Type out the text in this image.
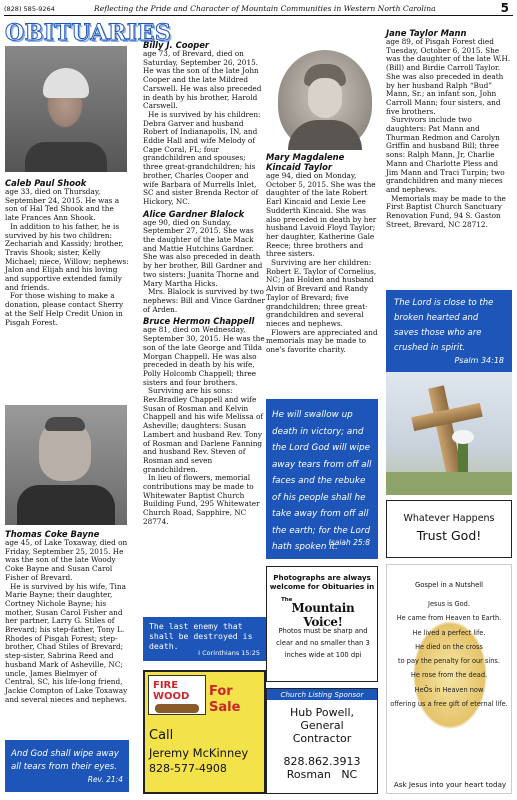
(828) 585-9264	Reflecting the Pride and Character of Mountain Communities in Western North Carolina	5
OBITUARIES
Caleb Paul Shook

age 33, died on Thursday, September 24, 2015. He was a son of Hal Ted Shook and the late Frances Ann Shook.

In addition to his father, he is survived by his two children: Zechariah and Kassidy; brother, Travis Shook; sister, Kelly Michael; niece, Willow; nephews: Jalon and Elijah and his loving and supportive extended family and friends.

For those wishing to make a donation, please contact Sherry at the Self Help Credit Union in Pisgah Forest.

Thomas Coke Bayne

age 45, of Lake Toxaway, died on Friday, September 25, 2015. He was the son of the late Woody Coke Bayne and Susan Carol Fisher of Brevard.

He is survived by his wife, Tina Marie Bayne; their daughter, Cortney Nichole Bayne; his mother, Susan Carol Fisher and her partner, Larry G. Stiles of Brevard; his step-father, Tony L. Rhodes of Pisgah Forest; step-brother, Chad Stiles of Brevard; step-sister, Sabrina Reed and husband Mark of Asheville, NC; uncle, James Bielmyer of Central, SC, his life-long friend, Jackie Compton of Lake Toxaway and several nieces and nephews.

And God shall wipe away all tears from their eyes.
Rev. 21:4
Billy J. Cooper

age 73, of Brevard, died on Saturday, September 26, 2015. He was the son of the late John Cooper and the late Mildred Carswell. He was also preceded in death by his brother, Harold Carswell.

He is survived by his children: Debra Garver and husband Robert of Indianapolis, IN, and Eddie Hall and wife Melody of Cape Coral, FL; four grandchildren and spouses; three great-grandchildren; his brother, Charles Cooper and wife Barbara of Murrells Inlet, SC and sister Brenda Rector of Hickory, NC.

Alice Gardner Blalock

age 90, died on Sunday, September 27, 2015. She was the daughter of the late Mack and Mattie Hutchins Gardner. She was also preceded in death by her brother, Bill Gardner and two sisters: Juanita Thorne and Mary Martha Hicks.

Mrs. Blalock is survived by two nephews: Bill and Vince Gardner of Arden.

Bruce Hermon Chappell

age 81, died on Wednesday, September 30, 2015. He was the son of the late George and Tilda Morgan Chappell. He was also preceded in death by his wife, Polly Holcomb Chappell; three sisters and four brothers.

Surviving are his sons: Rev.Bradley Chappell and wife Susan of Rosman and Kelvin Chappell and his wife Melissa of Asheville; daughters: Susan Lambert and husband Rev. Tony of Rosman and Darlene Fanning and husband Rev. Steven of Rosman and seven grandchildren.

In lieu of flowers, memorial contributions may be made to Whitewater Baptist Church Building Fund, 295 Whitewater Church Road, Sapphire, NC 28774.

The last enemy that shall be destroyed is death.
I Corinthians 15:25
FIRE WOOD	For Sale
Call
Jeremy McKinney
828-577-4908
Mary Magdalene Kincaid Taylor

age 94, died on Monday, October 5, 2015. She was the daughter of the late Robert Earl Kincaid and Lexie Lee Sudderth Kincaid. She was also preceded in death by her husband Lavoid Floyd Taylor; her daughter, Katherine Gale Reece; three brothers and three sisters.

Surviving are her children: Robert E. Taylor of Cornelius, NC; Jan Holden and husband Alvin of Brevard and Randy Taylor of Brevard; five grandchildren; three great-grandchildren and several nieces and nephews.

Flowers are appreciated and memorials may be made to one's favorite charity.

He will swallow up death in victory; and the Lord God will wipe away tears from off all faces and the rebuke of his people shall he take away from off all the earth; for the Lord hath spoken it.
Isaiah 25:8
Photographs are always
welcome for Obituaries in
The
Mountain Voice!
Photos must be sharp and clear and no smaller than 3 inches wide at 100 dpi
Church Listing Sponsor
Hub Powell,
General
Contractor
828.862.3913
Rosman NC
Jane Taylor Mann

age 89, of Pisgah Forest died Tuesday, October 6, 2015. She was the daughter of the late W.H. (Bill) and Birdie Carroll Taylor. She was also preceded in death by her husband Ralph “Bud” Mann, Sr.; an infant son, John Carroll Mann; four sisters, and five brothers.

Survivors include two daughters: Pat Mann and Thurman Redmon and Carolyn Griffin and husband Bill; three sons: Ralph Mann, Jr, Charlie Mann and Charlotte Pless and Jim Mann and Traci Turpin; two grandchildren and many nieces and nephews.

Memorials may be made to the First Baptist Church Sanctuary Renovation Fund, 94 S. Gaston Street, Brevard, NC 28712.

The Lord is close to the broken hearted and saves those who are crushed in spirit.
Psalm 34:18
Whatever Happens
Trust God!
Gospel in a Nutshell
Jesus is God.
He came from Heaven to Earth.
He lived a perfect life.
He died on the cross
to pay the penalty for our sins.
He rose from the dead.
HeÕs in Heaven now
offering us a free gift of eternal life.
Ask Jesus into your heart today
